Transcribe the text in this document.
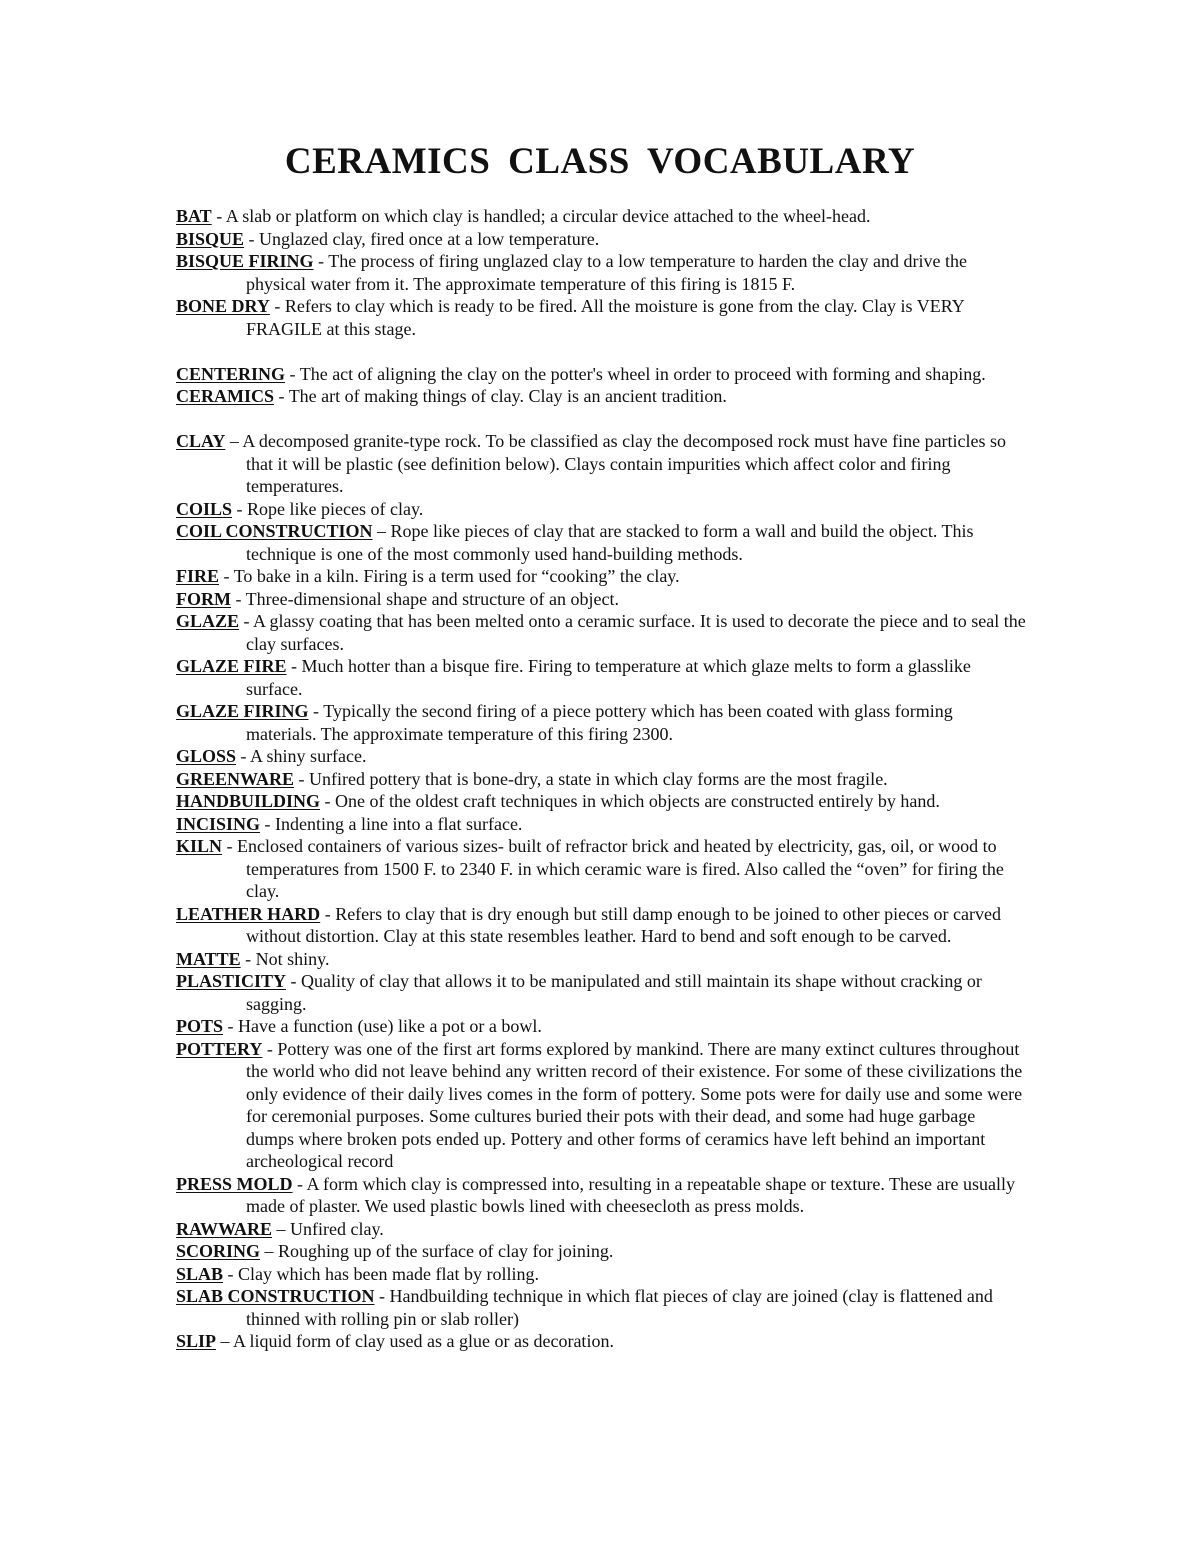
CERAMICS CLASS VOCABULARY

BAT - A slab or platform on which clay is handled; a circular device attached to the wheel-head.

BISQUE - Unglazed clay, fired once at a low temperature.

BISQUE FIRING - The process of firing unglazed clay to a low temperature to harden the clay and drive the physical water from it. The approximate temperature of this firing is 1815 F.

BONE DRY - Refers to clay which is ready to be fired. All the moisture is gone from the clay. Clay is VERY FRAGILE at this stage.

CENTERING - The act of aligning the clay on the potter's wheel in order to proceed with forming and shaping.

CERAMICS - The art of making things of clay. Clay is an ancient tradition.

CLAY – A decomposed granite-type rock. To be classified as clay the decomposed rock must have fine particles so that it will be plastic (see definition below). Clays contain impurities which affect color and firing temperatures.

COILS - Rope like pieces of clay.

COIL CONSTRUCTION – Rope like pieces of clay that are stacked to form a wall and build the object. This technique is one of the most commonly used hand-building methods.

FIRE - To bake in a kiln. Firing is a term used for “cooking” the clay.

FORM - Three-dimensional shape and structure of an object.

GLAZE - A glassy coating that has been melted onto a ceramic surface. It is used to decorate the piece and to seal the clay surfaces.

GLAZE FIRE - Much hotter than a bisque fire. Firing to temperature at which glaze melts to form a glasslike surface.

GLAZE FIRING - Typically the second firing of a piece pottery which has been coated with glass forming materials. The approximate temperature of this firing 2300.

GLOSS - A shiny surface.

GREENWARE - Unfired pottery that is bone-dry, a state in which clay forms are the most fragile.

HANDBUILDING - One of the oldest craft techniques in which objects are constructed entirely by hand.

INCISING - Indenting a line into a flat surface.

KILN - Enclosed containers of various sizes- built of refractor brick and heated by electricity, gas, oil, or wood to temperatures from 1500 F. to 2340 F. in which ceramic ware is fired. Also called the “oven” for firing the clay.

LEATHER HARD - Refers to clay that is dry enough but still damp enough to be joined to other pieces or carved without distortion. Clay at this state resembles leather. Hard to bend and soft enough to be carved.

MATTE - Not shiny.

PLASTICITY - Quality of clay that allows it to be manipulated and still maintain its shape without cracking or sagging.

POTS - Have a function (use) like a pot or a bowl.

POTTERY - Pottery was one of the first art forms explored by mankind. There are many extinct cultures throughout the world who did not leave behind any written record of their existence. For some of these civilizations the only evidence of their daily lives comes in the form of pottery. Some pots were for daily use and some were for ceremonial purposes. Some cultures buried their pots with their dead, and some had huge garbage dumps where broken pots ended up. Pottery and other forms of ceramics have left behind an important archeological record

PRESS MOLD - A form which clay is compressed into, resulting in a repeatable shape or texture. These are usually made of plaster. We used plastic bowls lined with cheesecloth as press molds.

RAWWARE – Unfired clay.

SCORING – Roughing up of the surface of clay for joining.

SLAB - Clay which has been made flat by rolling.

SLAB CONSTRUCTION - Handbuilding technique in which flat pieces of clay are joined (clay is flattened and thinned with rolling pin or slab roller)

SLIP – A liquid form of clay used as a glue or as decoration.
